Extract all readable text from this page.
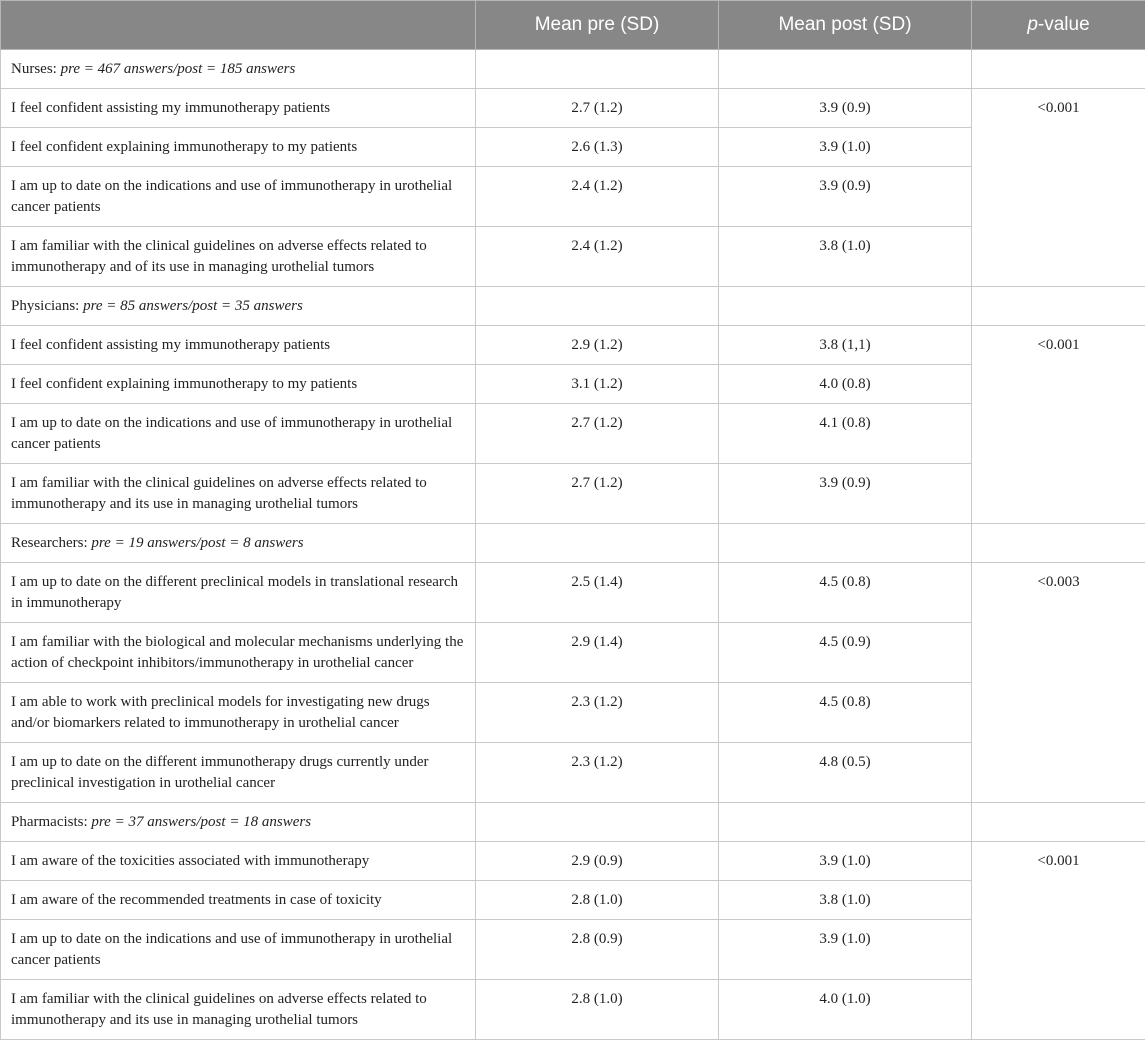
	Mean pre (SD)	Mean post (SD)	p-value
Nurses: pre = 467 answers/post = 185 answers			
I feel confident assisting my immunotherapy patients	2.7 (1.2)	3.9 (0.9)	<0.001
I feel confident explaining immunotherapy to my patients	2.6 (1.3)	3.9 (1.0)	
I am up to date on the indications and use of immunotherapy in urothelial cancer patients	2.4 (1.2)	3.9 (0.9)	
I am familiar with the clinical guidelines on adverse effects related to immunotherapy and of its use in managing urothelial tumors	2.4 (1.2)	3.8 (1.0)	
Physicians: pre = 85 answers/post = 35 answers			
I feel confident assisting my immunotherapy patients	2.9 (1.2)	3.8 (1,1)	<0.001
I feel confident explaining immunotherapy to my patients	3.1 (1.2)	4.0 (0.8)	
I am up to date on the indications and use of immunotherapy in urothelial cancer patients	2.7 (1.2)	4.1 (0.8)	
I am familiar with the clinical guidelines on adverse effects related to immunotherapy and its use in managing urothelial tumors	2.7 (1.2)	3.9 (0.9)	
Researchers: pre = 19 answers/post = 8 answers			
I am up to date on the different preclinical models in translational research in immunotherapy	2.5 (1.4)	4.5 (0.8)	<0.003
I am familiar with the biological and molecular mechanisms underlying the action of checkpoint inhibitors/immunotherapy in urothelial cancer	2.9 (1.4)	4.5 (0.9)	
I am able to work with preclinical models for investigating new drugs and/or biomarkers related to immunotherapy in urothelial cancer	2.3 (1.2)	4.5 (0.8)	
I am up to date on the different immunotherapy drugs currently under preclinical investigation in urothelial cancer	2.3 (1.2)	4.8 (0.5)	
Pharmacists: pre = 37 answers/post = 18 answers			
I am aware of the toxicities associated with immunotherapy	2.9 (0.9)	3.9 (1.0)	<0.001
I am aware of the recommended treatments in case of toxicity	2.8 (1.0)	3.8 (1.0)	
I am up to date on the indications and use of immunotherapy in urothelial cancer patients	2.8 (0.9)	3.9 (1.0)	
I am familiar with the clinical guidelines on adverse effects related to immunotherapy and its use in managing urothelial tumors	2.8 (1.0)	4.0 (1.0)	
